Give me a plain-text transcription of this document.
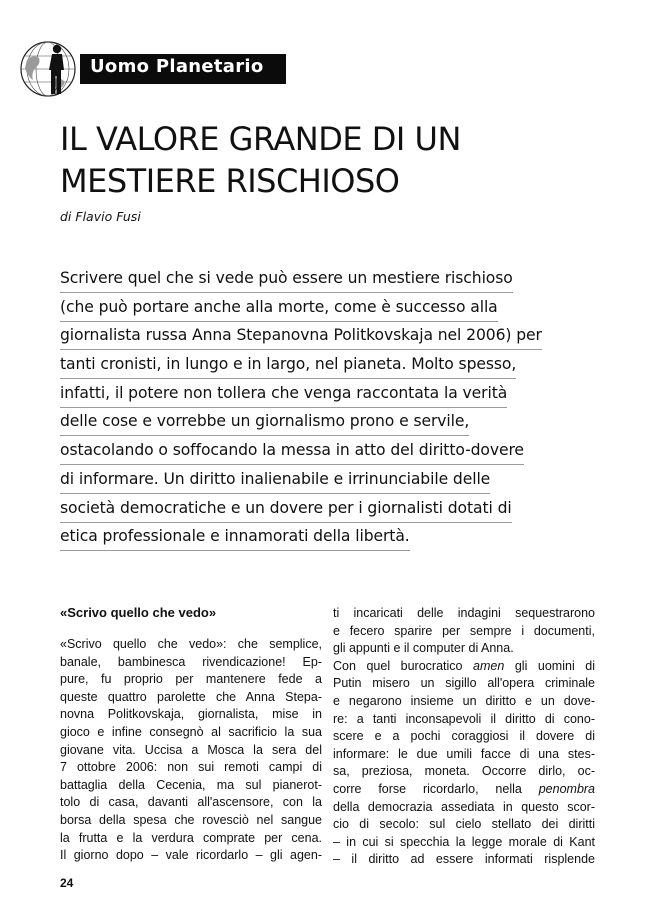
Uomo Planetario
IL VALORE GRANDE DI UN
MESTIERE RISCHIOSO
di Flavio Fusi
Scrivere quel che si vede può essere un mestiere rischioso
(che può portare anche alla morte, come è successo alla
giornalista russa Anna Stepanovna Politkovskaja nel 2006) per
tanti cronisti, in lungo e in largo, nel pianeta. Molto spesso,
infatti, il potere non tollera che venga raccontata la verità
delle cose e vorrebbe un giornalismo prono e servile,
ostacolando o soffocando la messa in atto del diritto-dovere
di informare. Un diritto inalienabile e irrinunciabile delle
società democratiche e un dovere per i giornalisti dotati di
etica professionale e innamorati della libertà.
«Scrivo quello che vedo»
«Scrivo quello che vedo»: che semplice,
banale, bambinesca rivendicazione! Ep-
pure, fu proprio per mantenere fede a
queste quattro parolette che Anna Stepa-
novna Politkovskaja, giornalista, mise in
gioco e infine consegnò al sacrificio la sua
giovane vita. Uccisa a Mosca la sera del
7 ottobre 2006: non sui remoti campi di
battaglia della Cecenia, ma sul pianerot-
tolo di casa, davanti all'ascensore, con la
borsa della spesa che rovesciò nel sangue
la frutta e la verdura comprate per cena.
Il giorno dopo – vale ricordarlo – gli agen-
ti incaricati delle indagini sequestrarono
e fecero sparire per sempre i documenti,
gli appunti e il computer di Anna.
Con quel burocratico amen gli uomini di
Putin misero un sigillo all'opera criminale
e negarono insieme un diritto e un dove-
re: a tanti inconsapevoli il diritto di cono-
scere e a pochi coraggiosi il dovere di
informare: le due umili facce di una stes-
sa, preziosa, moneta. Occorre dirlo, oc-
corre forse ricordarlo, nella penombra
della democrazia assediata in questo scor-
cio di secolo: sul cielo stellato dei diritti
– in cui si specchia la legge morale di Kant
– il diritto ad essere informati risplende
24
